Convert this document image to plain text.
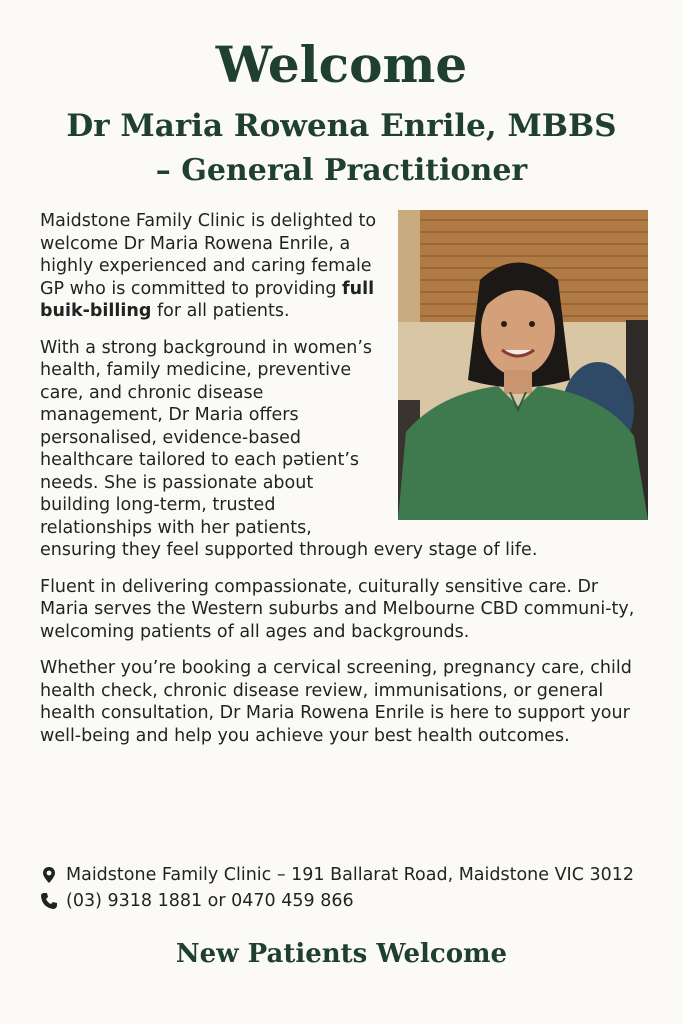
Welcome
Dr Maria Rowena Enrile, MBBS
– General Practitioner

Maidstone Family Clinic is delighted to welcome Dr Maria Rowena Enrile, a highly experienced and caring female GP who is committed to providing full buik-billing for all patients.

With a strong background in women’s health, family medicine, preventive care, and chronic disease management, Dr Maria offers personalised, evidence-based healthcare tailored to each pətient’s needs. She is passionate about building long-term, trusted relationships with her patients, ensuring they feel supported through every stage of life.

Fluent in delivering compassionate, cuiturally sensitive care. Dr Maria serves the Western suburbs and Melbourne CBD communi-ty, welcoming patients of all ages and backgrounds.

Whether you’re booking a cervical screening, pregnancy care, child health check, chronic disease review, immunisations, or general health consultation, Dr Maria Rowena Enrile is here to support your well-being and help you achieve your best health outcomes.

Maidstone Family Clinic – 191 Ballarat Road, Maidstone VIC 3012
(03) 9318 1881 or 0470 459 866
New Patients Welcome
